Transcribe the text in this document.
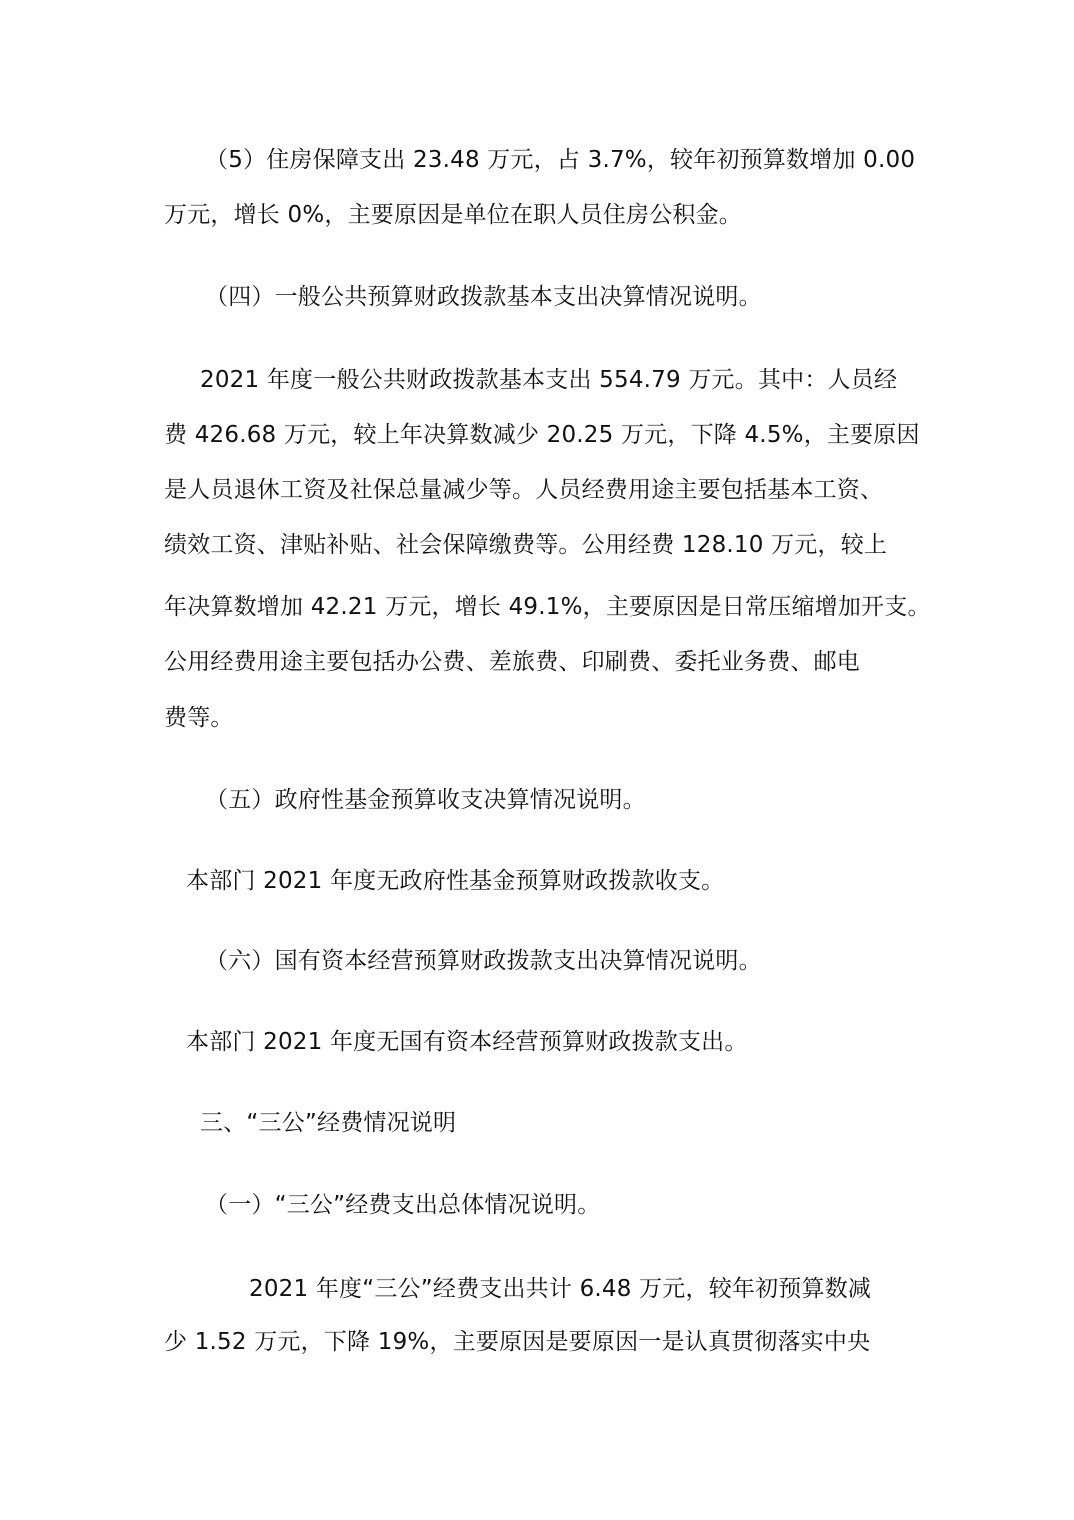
（5）住房保障支出 23.48 万元，占 3.7%，较年初预算数增加 0.00
万元，增长 0%，主要原因是单位在职人员住房公积金。
（四）一般公共预算财政拨款基本支出决算情况说明。
2021 年度一般公共财政拨款基本支出 554.79 万元。其中：人员经
费 426.68 万元，较上年决算数减少 20.25 万元，下降 4.5%，主要原因
是人员退休工资及社保总量减少等。人员经费用途主要包括基本工资、
绩效工资、津贴补贴、社会保障缴费等。公用经费 128.10 万元，较上
年决算数增加 42.21 万元，增长 49.1%，主要原因是日常压缩增加开支。
公用经费用途主要包括办公费、差旅费、印刷费、委托业务费、邮电
费等。
（五）政府性基金预算收支决算情况说明。
本部门 2021 年度无政府性基金预算财政拨款收支。
（六）国有资本经营预算财政拨款支出决算情况说明。
本部门 2021 年度无国有资本经营预算财政拨款支出。
三、“三公”经费情况说明
（一）“三公”经费支出总体情况说明。
2021 年度“三公”经费支出共计 6.48 万元，较年初预算数减
少 1.52 万元，下降 19%，主要原因是要原因一是认真贯彻落实中央
